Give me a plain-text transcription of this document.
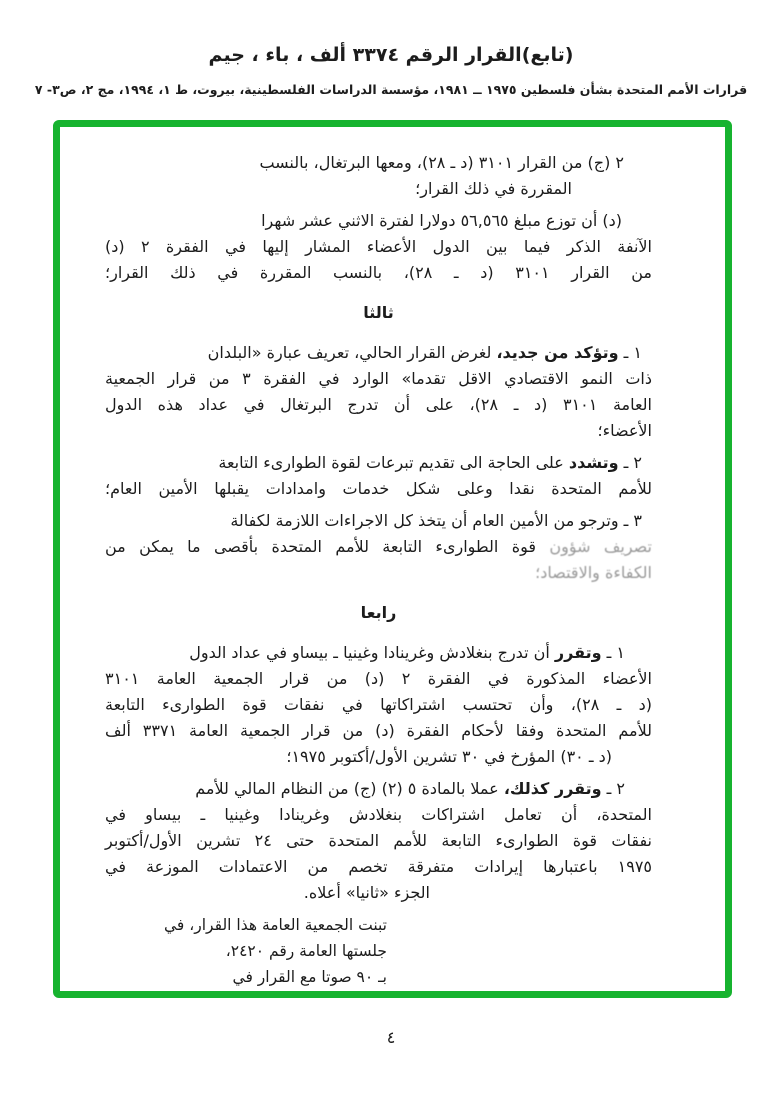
(تابع)القرار الرقم ٣٣٧٤ ألف ، باء ، جيم
قرارات الأمم المتحدة بشأن فلسطين ١٩٧٥ ــ ١٩٨١، مؤسسة الدراسات الفلسطينية، بيروت، ط ١، ١٩٩٤، مج ٢، ص٣- ٧
٢ (ج) من القرار ٣١٠١ (د ـ ٢٨)، ومعها البرتغال، بالنسب
المقررة في ذلك القرار؛
(د) أن توزع مبلغ ٥٦,٥٦٥ دولارا لفترة الاثني عشر شهرا
الآنفة الذكر فيما بين الدول الأعضاء المشار إليها في الفقرة ٢ (د)
من القرار ٣١٠١ (د ـ ٢٨)، بالنسب المقررة في ذلك القرار؛
ثالثا
١ ـ وتؤكد من جديد، لغرض القرار الحالي، تعريف عبارة «البلدان
ذات النمو الاقتصادي الاقل تقدما» الوارد في الفقرة ٣ من قرار الجمعية
العامة ٣١٠١ (د ـ ٢٨)، على أن تدرج البرتغال في عداد هذه الدول
الأعضاء؛
٢ ـ وتشدد على الحاجة الى تقديم تبرعات لقوة الطوارىء التابعة
للأمم المتحدة نقدا وعلى شكل خدمات وامدادات يقبلها الأمين العام؛
٣ ـ وترجو من الأمين العام أن يتخذ كل الاجراءات اللازمة لكفالة
تصريف شؤون قوة الطوارىء التابعة للأمم المتحدة بأقصى ما يمكن من
الكفاءة والاقتصاد؛
رابعا
١ ـ وتقرر أن تدرج بنغلادش وغرينادا وغينيا ـ بيساو في عداد الدول
الأعضاء المذكورة في الفقرة ٢ (د) من قرار الجمعية العامة ٣١٠١
(د ـ ٢٨)، وأن تحتسب اشتراكاتها في نفقات قوة الطوارىء التابعة
للأمم المتحدة وفقا لأحكام الفقرة (د) من قرار الجمعية العامة ٣٣٧١ ألف
(د ـ ٣٠) المؤرخ في ٣٠ تشرين الأول/أكتوبر ١٩٧٥؛
٢ ـ وتقرر كذلك، عملا بالمادة ٥ (٢) (ج) من النظام المالي للأمم
المتحدة، أن تعامل اشتراكات بنغلادش وغرينادا وغينيا ـ بيساو في
نفقات قوة الطوارىء التابعة للأمم المتحدة حتى ٢٤ تشرين الأول/أكتوبر
١٩٧٥ باعتبارها إيرادات متفرقة تخصم من الاعتمادات الموزعة في
الجزء «ثانيا» أعلاه.
تبنت الجمعية العامة هذا القرار، في
جلستها العامة رقم ٢٤٢٠،
بـ ٩٠ صوتا مع القرار في
٤
